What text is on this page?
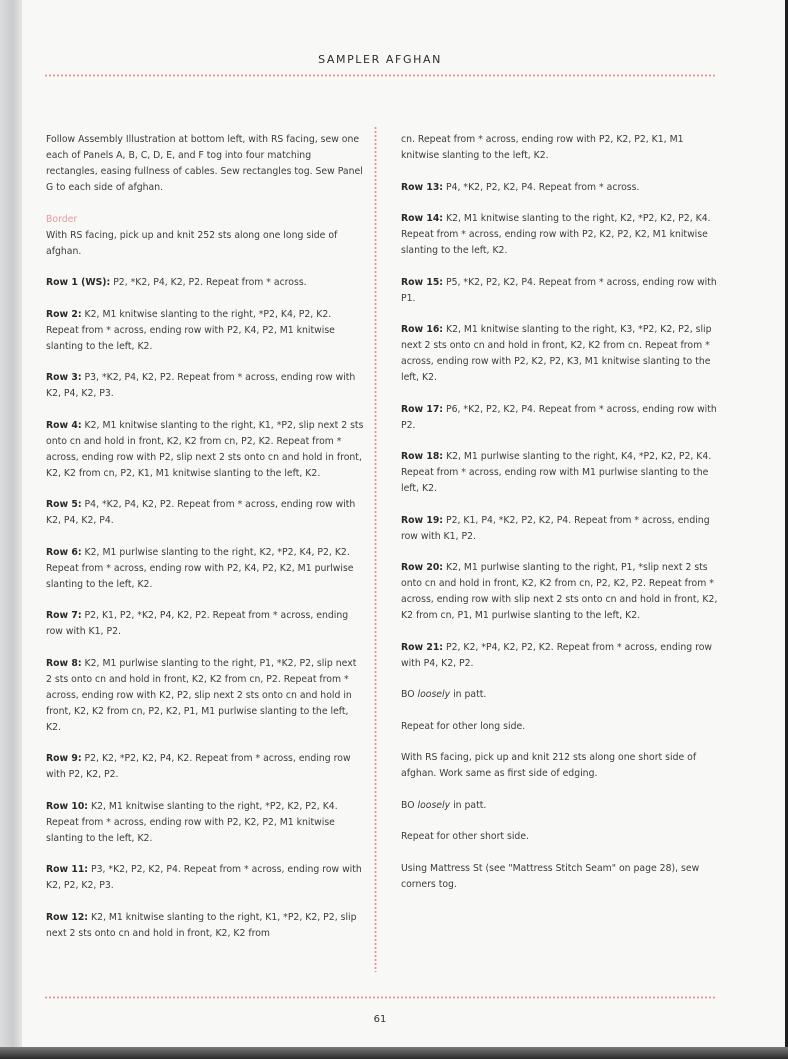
SAMPLER AFGHAN

Follow Assembly Illustration at bottom left, with RS facing, sew one each of Panels A, B, C, D, E, and F tog into four matching rectangles, easing fullness of cables. Sew rectangles tog. Sew Panel G to each side of afghan.

Border
With RS facing, pick up and knit 252 sts along one long side of afghan.

Row 1 (WS): P2, *K2, P4, K2, P2. Repeat from * across.

Row 2: K2, M1 knitwise slanting to the right, *P2, K4, P2, K2. Repeat from * across, ending row with P2, K4, P2, M1 knitwise slanting to the left, K2.

Row 3: P3, *K2, P4, K2, P2. Repeat from * across, ending row with K2, P4, K2, P3.

Row 4: K2, M1 knitwise slanting to the right, K1, *P2, slip next 2 sts onto cn and hold in front, K2, K2 from cn, P2, K2. Repeat from * across, ending row with P2, slip next 2 sts onto cn and hold in front, K2, K2 from cn, P2, K1, M1 knitwise slanting to the left, K2.

Row 5: P4, *K2, P4, K2, P2. Repeat from * across, ending row with K2, P4, K2, P4.

Row 6: K2, M1 purlwise slanting to the right, K2, *P2, K4, P2, K2. Repeat from * across, ending row with P2, K4, P2, K2, M1 purlwise slanting to the left, K2.

Row 7: P2, K1, P2, *K2, P4, K2, P2. Repeat from * across, ending row with K1, P2.

Row 8: K2, M1 purlwise slanting to the right, P1, *K2, P2, slip next 2 sts onto cn and hold in front, K2, K2 from cn, P2. Repeat from * across, ending row with K2, P2, slip next 2 sts onto cn and hold in front, K2, K2 from cn, P2, K2, P1, M1 purlwise slanting to the left, K2.

Row 9: P2, K2, *P2, K2, P4, K2. Repeat from * across, ending row with P2, K2, P2.

Row 10: K2, M1 knitwise slanting to the right, *P2, K2, P2, K4. Repeat from * across, ending row with P2, K2, P2, M1 knitwise slanting to the left, K2.

Row 11: P3, *K2, P2, K2, P4. Repeat from * across, ending row with K2, P2, K2, P3.

Row 12: K2, M1 knitwise slanting to the right, K1, *P2, K2, P2, slip next 2 sts onto cn and hold in front, K2, K2 from

cn. Repeat from * across, ending row with P2, K2, P2, K1, M1 knitwise slanting to the left, K2.

Row 13: P4, *K2, P2, K2, P4. Repeat from * across.

Row 14: K2, M1 knitwise slanting to the right, K2, *P2, K2, P2, K4. Repeat from * across, ending row with P2, K2, P2, K2, M1 knitwise slanting to the left, K2.

Row 15: P5, *K2, P2, K2, P4. Repeat from * across, ending row with P1.

Row 16: K2, M1 knitwise slanting to the right, K3, *P2, K2, P2, slip next 2 sts onto cn and hold in front, K2, K2 from cn. Repeat from * across, ending row with P2, K2, P2, K3, M1 knitwise slanting to the left, K2.

Row 17: P6, *K2, P2, K2, P4. Repeat from * across, ending row with P2.

Row 18: K2, M1 purlwise slanting to the right, K4, *P2, K2, P2, K4. Repeat from * across, ending row with M1 purlwise slanting to the left, K2.

Row 19: P2, K1, P4, *K2, P2, K2, P4. Repeat from * across, ending row with K1, P2.

Row 20: K2, M1 purlwise slanting to the right, P1, *slip next 2 sts onto cn and hold in front, K2, K2 from cn, P2, K2, P2. Repeat from * across, ending row with slip next 2 sts onto cn and hold in front, K2, K2 from cn, P1, M1 purlwise slanting to the left, K2.

Row 21: P2, K2, *P4, K2, P2, K2. Repeat from * across, ending row with P4, K2, P2.

BO loosely in patt.

Repeat for other long side.

With RS facing, pick up and knit 212 sts along one short side of afghan. Work same as first side of edging.

BO loosely in patt.

Repeat for other short side.

Using Mattress St (see "Mattress Stitch Seam" on page 28), sew corners tog.

61
